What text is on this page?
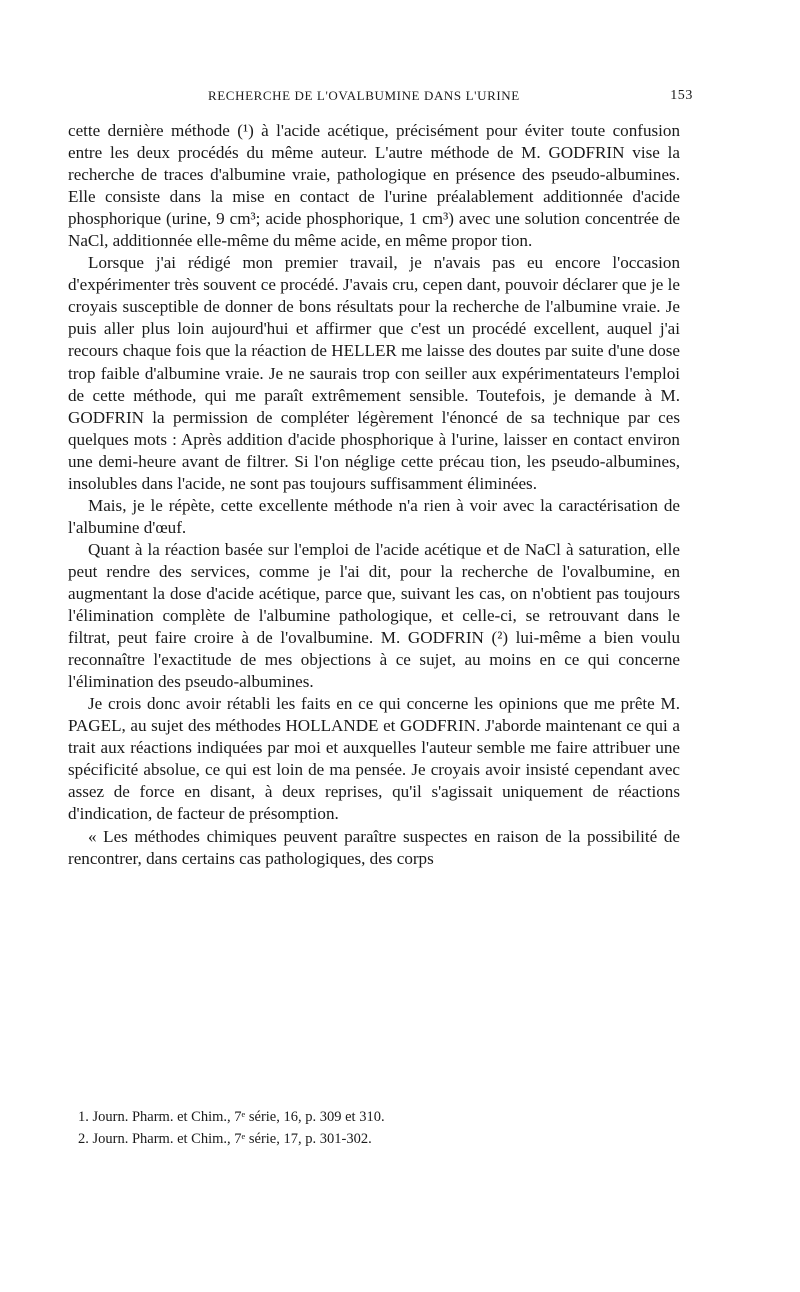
RECHERCHE DE L'OVALBUMINE DANS L'URINE	153

cette dernière méthode (¹) à l'acide acétique, précisément pour éviter toute confusion entre les deux procédés du même auteur. L'autre méthode de M. GODFRIN vise la recherche de traces d'albumine vraie, pathologique en présence des pseudo-albumines. Elle consiste dans la mise en contact de l'urine préalablement additionnée d'acide phosphorique (urine, 9 cm³; acide phosphorique, 1 cm³) avec une solution concentrée de NaCl, additionnée elle-même du même acide, en même propor tion.

Lorsque j'ai rédigé mon premier travail, je n'avais pas eu encore l'occasion d'expérimenter très souvent ce procédé. J'avais cru, cepen dant, pouvoir déclarer que je le croyais susceptible de donner de bons résultats pour la recherche de l'albumine vraie. Je puis aller plus loin aujourd'hui et affirmer que c'est un procédé excellent, auquel j'ai recours chaque fois que la réaction de HELLER me laisse des doutes par suite d'une dose trop faible d'albumine vraie. Je ne saurais trop con seiller aux expérimentateurs l'emploi de cette méthode, qui me paraît extrêmement sensible. Toutefois, je demande à M. GODFRIN la permission de compléter légèrement l'énoncé de sa technique par ces quelques mots : Après addition d'acide phosphorique à l'urine, laisser en contact environ une demi-heure avant de filtrer. Si l'on néglige cette précau tion, les pseudo-albumines, insolubles dans l'acide, ne sont pas toujours suffisamment éliminées.

Mais, je le répète, cette excellente méthode n'a rien à voir avec la caractérisation de l'albumine d'œuf.

Quant à la réaction basée sur l'emploi de l'acide acétique et de NaCl à saturation, elle peut rendre des services, comme je l'ai dit, pour la recherche de l'ovalbumine, en augmentant la dose d'acide acétique, parce que, suivant les cas, on n'obtient pas toujours l'élimination complète de l'albumine pathologique, et celle-ci, se retrouvant dans le filtrat, peut faire croire à de l'ovalbumine. M. GODFRIN (²) lui-même a bien voulu reconnaître l'exactitude de mes objections à ce sujet, au moins en ce qui concerne l'élimination des pseudo-albumines.

Je crois donc avoir rétabli les faits en ce qui concerne les opinions que me prête M. PAGEL, au sujet des méthodes HOLLANDE et GODFRIN. J'aborde maintenant ce qui a trait aux réactions indiquées par moi et auxquelles l'auteur semble me faire attribuer une spécificité absolue, ce qui est loin de ma pensée. Je croyais avoir insisté cependant avec assez de force en disant, à deux reprises, qu'il s'agissait uniquement de réactions d'indication, de facteur de présomption.

« Les méthodes chimiques peuvent paraître suspectes en raison de la possibilité de rencontrer, dans certains cas pathologiques, des corps

1. Journ. Pharm. et Chim., 7ᵉ série, 16, p. 309 et 310.
2. Journ. Pharm. et Chim., 7ᵉ série, 17, p. 301-302.
